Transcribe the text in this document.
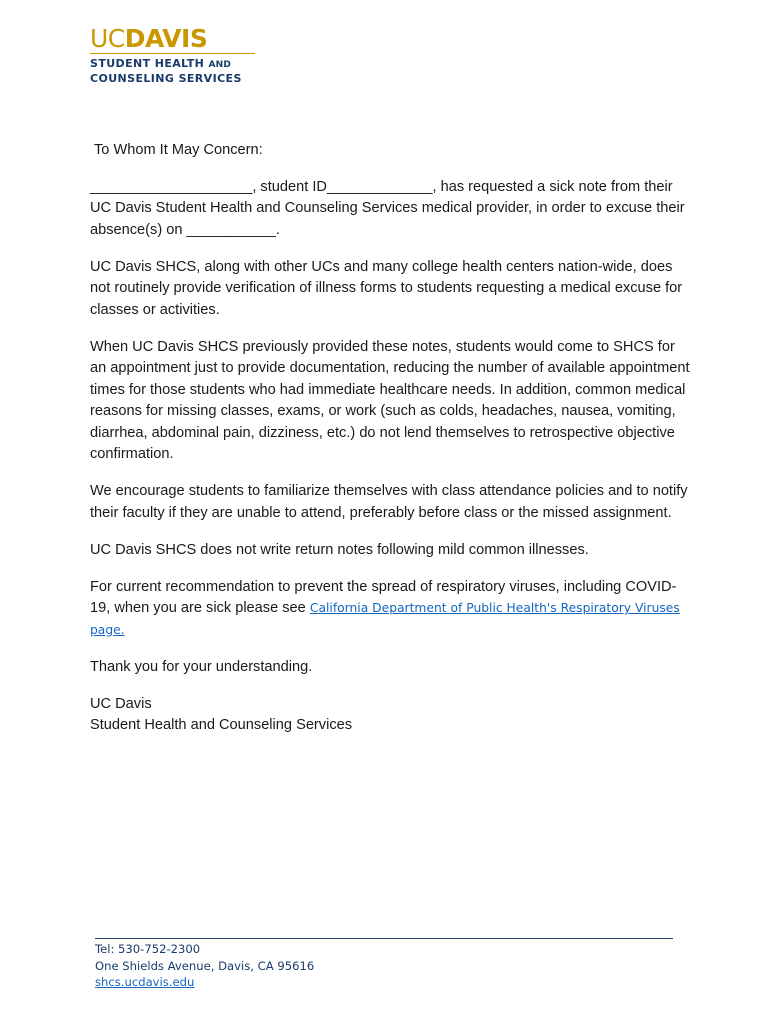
UCDAVIS
STUDENT HEALTH AND
COUNSELING SERVICES

To Whom It May Concern:

____________________, student ID_____________, has requested a sick note from their UC Davis Student Health and Counseling Services medical provider, in order to excuse their absence(s) on ___________.

UC Davis SHCS, along with other UCs and many college health centers nation-wide, does not routinely provide verification of illness forms to students requesting a medical excuse for classes or activities.

When UC Davis SHCS previously provided these notes, students would come to SHCS for an appointment just to provide documentation, reducing the number of available appointment times for those students who had immediate healthcare needs. In addition, common medical reasons for missing classes, exams, or work (such as colds, headaches, nausea, vomiting, diarrhea, abdominal pain, dizziness, etc.) do not lend themselves to retrospective objective confirmation.

We encourage students to familiarize themselves with class attendance policies and to notify their faculty if they are unable to attend, preferably before class or the missed assignment.

UC Davis SHCS does not write return notes following mild common illnesses.

For current recommendation to prevent the spread of respiratory viruses, including COVID-19, when you are sick please see California Department of Public Health's Respiratory Viruses page.

Thank you for your understanding.

UC Davis

Student Health and Counseling Services

Tel: 530-752-2300
One Shields Avenue, Davis, CA 95616
shcs.ucdavis.edu
